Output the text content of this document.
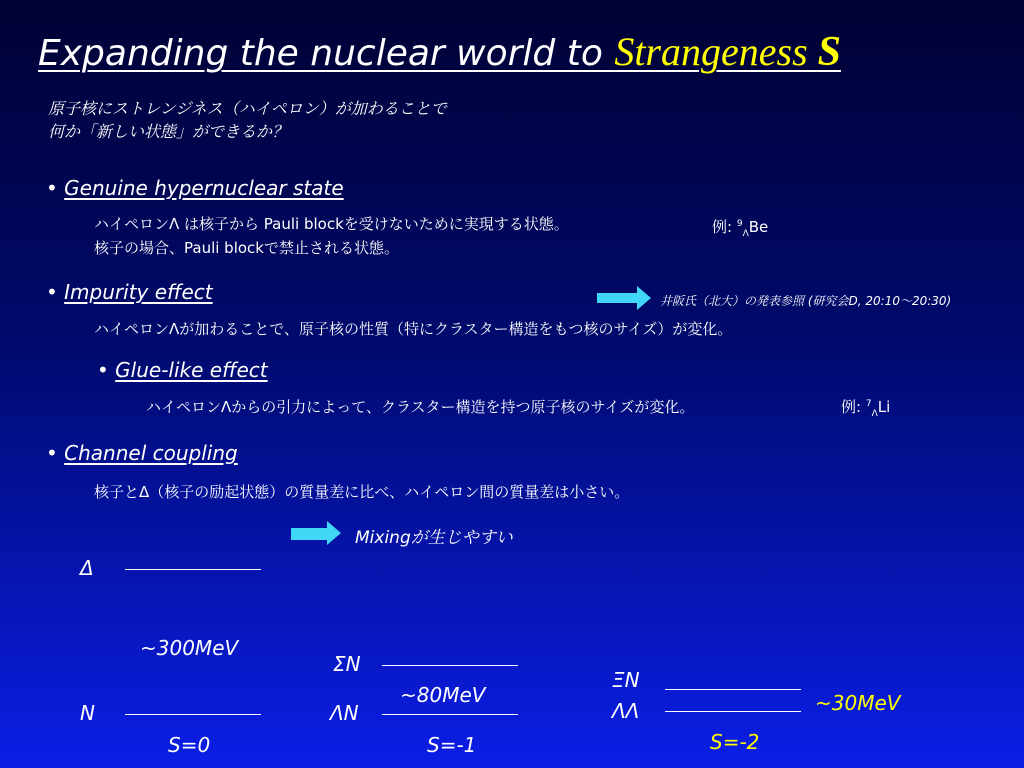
Expanding the nuclear world to Strangeness S
原子核にストレンジネス（ハイペロン）が加わることで
何か「新しい状態」ができるか？
• Genuine hypernuclear state
ハイペロンΛ は核子から Pauli blockを受けないために実現する状態。	例: $^9_\Lambda$Be
核子の場合、Pauli blockで禁止される状態。
• Impurity effect	井阪氏（北大）の発表参照 (研究会D, 20:10～20:30)
ハイペロンΛが加わることで、原子核の性質（特にクラスター構造をもつ核のサイズ）が変化。
• Glue-like effect
ハイペロンΛからの引力によって、クラスター構造を持つ原子核のサイズが変化。	例: $^7_\Lambda$Li
• Channel coupling
核子とΔ（核子の励起状態）の質量差に比べ、ハイペロン間の質量差は小さい。
Mixingが生じやすい
Δ
~300MeV
N
S=0
ΣN
~80MeV
ΛN
S=-1
ΞN
~30MeV
ΛΛ
S=-2
